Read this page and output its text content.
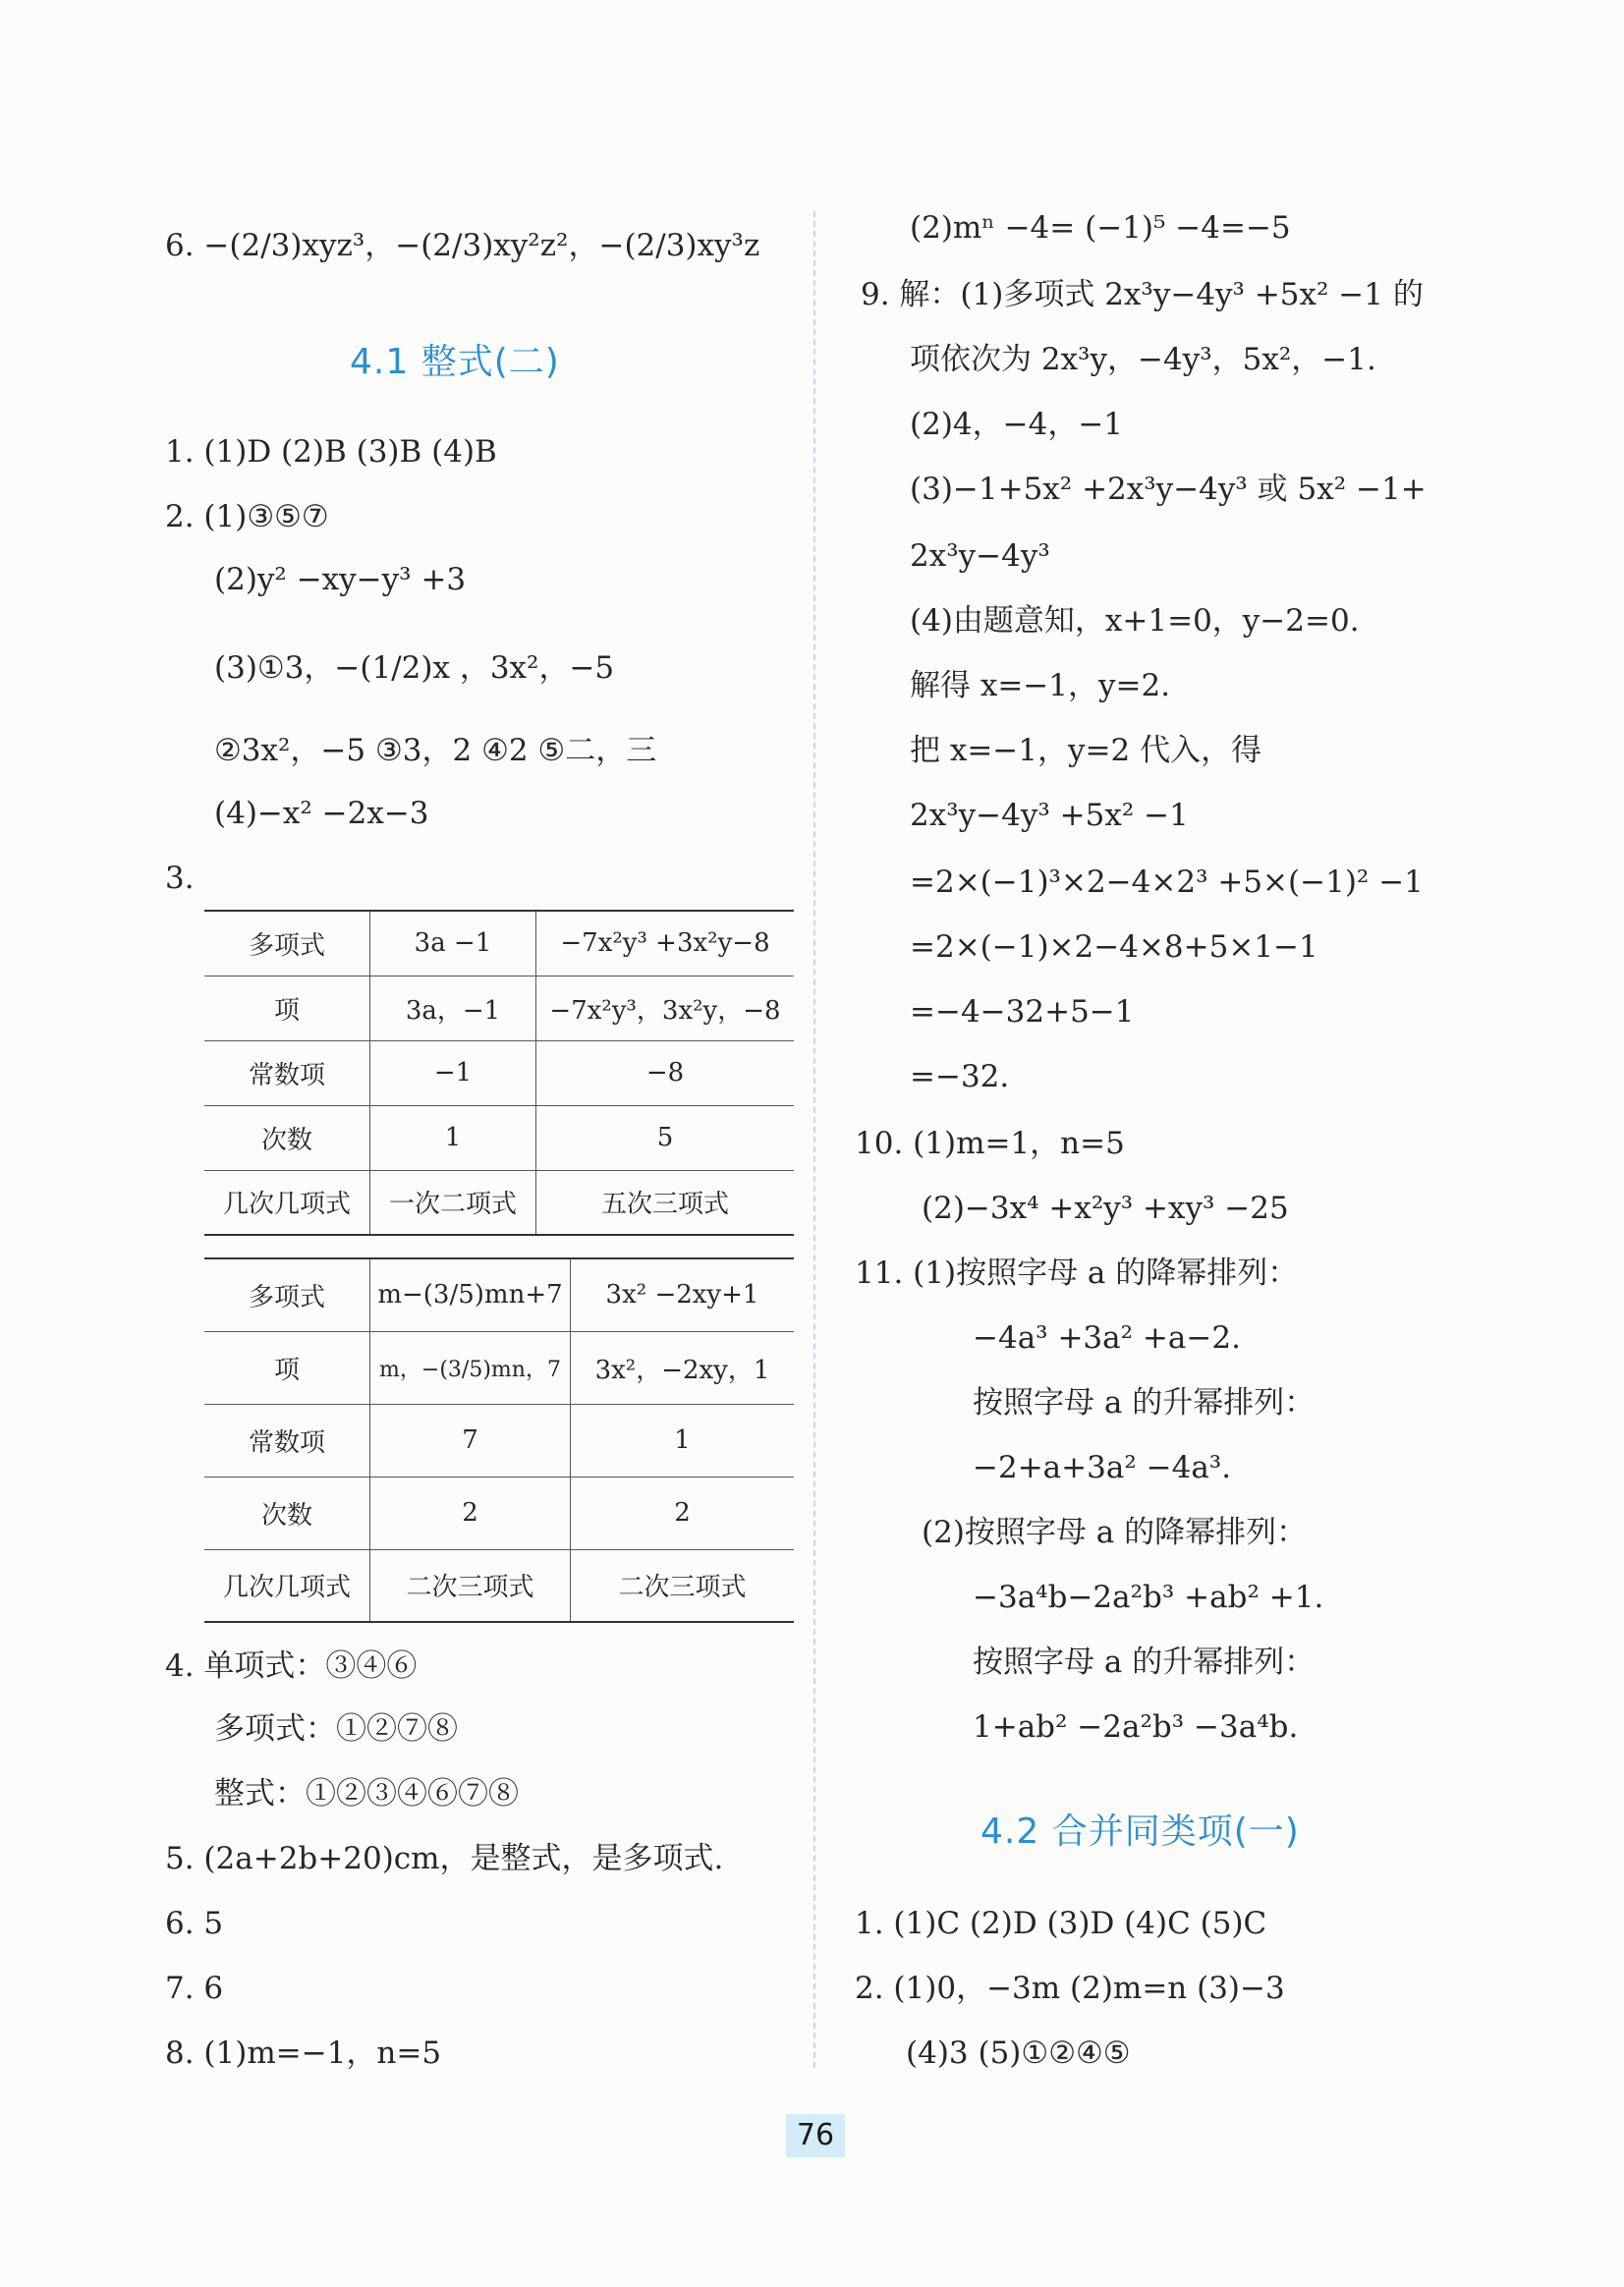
6. −(2/3)xyz³，−(2/3)xy²z²，−(2/3)xy³z
4.1 整式(二)
1. (1)D (2)B (3)B (4)B
2. (1)③⑤⑦
(2)y² −xy−y³ +3
(3)①3，−(1/2)x ，3x²，−5
②3x²，−5 ③3，2 ④2 ⑤二，三
(4)−x² −2x−3
3.
多项式	3a −1	−7x²y³ +3x²y−8
项	3a，−1	−7x²y³，3x²y，−8
常数项	−1	−8
次数	1	5
几次几项式	一次二项式	五次三项式
多项式	m−(3/5)mn+7	3x² −2xy+1
项	m，−(3/5)mn，7	3x²，−2xy，1
常数项	7	1
次数	2	2
几次几项式	二次三项式	二次三项式
4. 单项式：③④⑥
多项式：①②⑦⑧
整式：①②③④⑥⑦⑧
5. (2a+2b+20)cm，是整式，是多项式.
6. 5
7. 6
8. (1)m=−1，n=5
(2)mⁿ −4= (−1)⁵ −4=−5
9. 解：(1)多项式 2x³y−4y³ +5x² −1 的
项依次为 2x³y，−4y³，5x²，−1.
(2)4，−4，−1
(3)−1+5x² +2x³y−4y³ 或 5x² −1+
2x³y−4y³
(4)由题意知，x+1=0，y−2=0.
解得 x=−1，y=2.
把 x=−1，y=2 代入，得
2x³y−4y³ +5x² −1
=2×(−1)³×2−4×2³ +5×(−1)² −1
=2×(−1)×2−4×8+5×1−1
=−4−32+5−1
=−32.
10. (1)m=1，n=5
(2)−3x⁴ +x²y³ +xy³ −25
11. (1)按照字母 a 的降幂排列：
−4a³ +3a² +a−2.
按照字母 a 的升幂排列：
−2+a+3a² −4a³.
(2)按照字母 a 的降幂排列：
−3a⁴b−2a²b³ +ab² +1.
按照字母 a 的升幂排列：
1+ab² −2a²b³ −3a⁴b.
4.2 合并同类项(一)
1. (1)C (2)D (3)D (4)C (5)C
2. (1)0，−3m (2)m=n (3)−3
(4)3 (5)①②④⑤
76
